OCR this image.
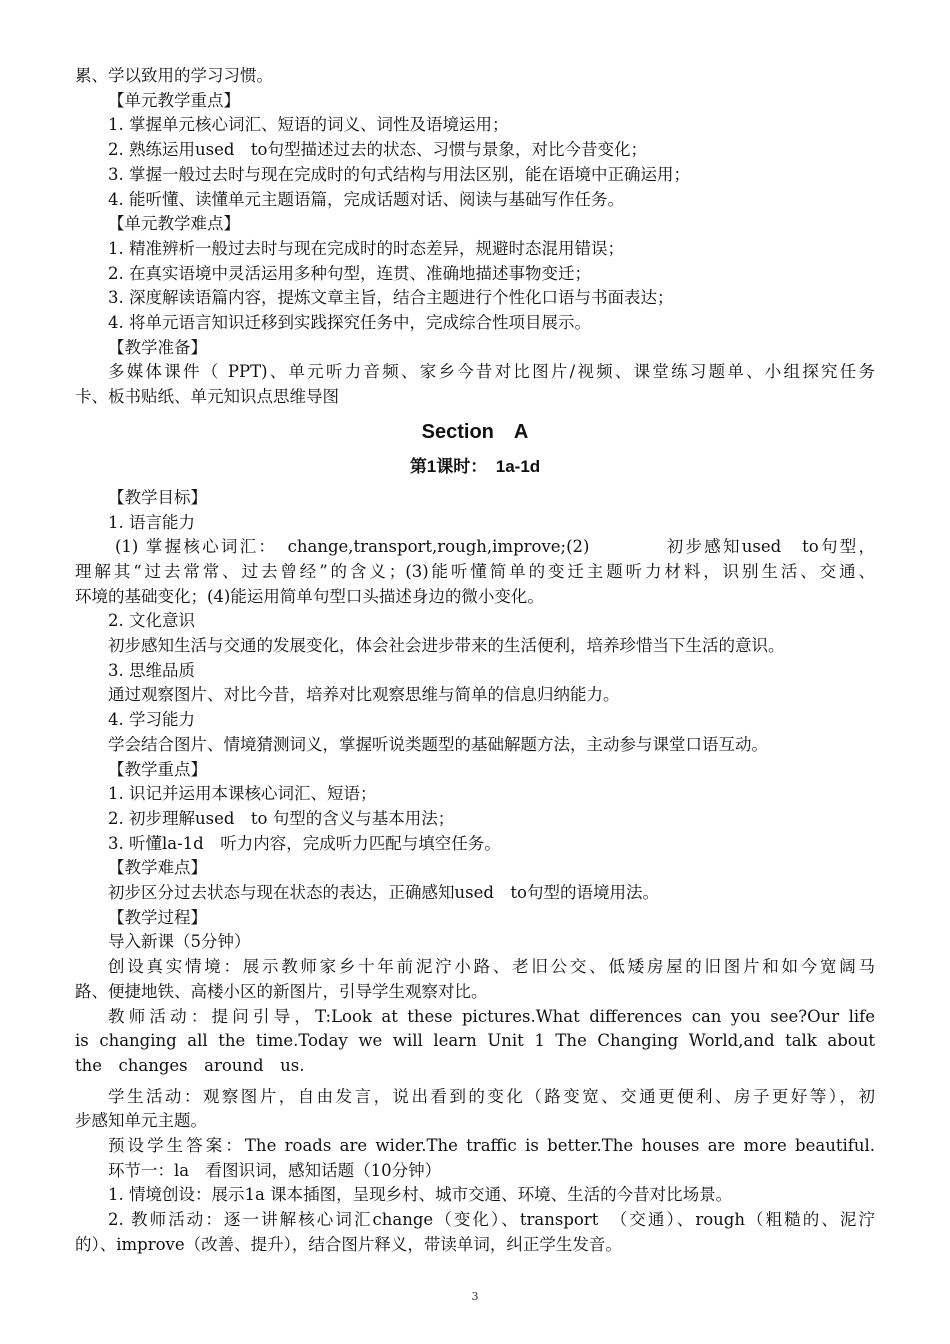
累、学以致用的学习习惯。
【单元教学重点】
1. 掌握单元核心词汇、短语的词义、词性及语境运用；
2. 熟练运用used　to句型描述过去的状态、习惯与景象，对比今昔变化；
3. 掌握一般过去时与现在完成时的句式结构与用法区别，能在语境中正确运用；
4. 能听懂、读懂单元主题语篇，完成话题对话、阅读与基础写作任务。
【单元教学难点】
1. 精准辨析一般过去时与现在完成时的时态差异，规避时态混用错误；
2. 在真实语境中灵活运用多种句型，连贯、准确地描述事物变迁；
3. 深度解读语篇内容，提炼文章主旨，结合主题进行个性化口语与书面表达；
4. 将单元语言知识迁移到实践探究任务中，完成综合性项目展示。
【教学准备】
多媒体课件（ PPT)、单元听力音频、家乡今昔对比图片/视频、课堂练习题单、小组探究任务
卡、板书贴纸、单元知识点思维导图
Section　A
第1课时：　1a-1d
【教学目标】
1. 语言能力
(1) 掌握核心词汇：　change,transport,rough,improve;(2)　　　　初步感知used　to句型，
理解其“过去常常、过去曾经”的含义；(3)能听懂简单的变迁主题听力材料，识别生活、交通、
环境的基础变化；(4)能运用简单句型口头描述身边的微小变化。
2. 文化意识
初步感知生活与交通的发展变化，体会社会进步带来的生活便利，培养珍惜当下生活的意识。
3. 思维品质
通过观察图片、对比今昔，培养对比观察思维与简单的信息归纳能力。
4. 学习能力
学会结合图片、情境猜测词义，掌握听说类题型的基础解题方法，主动参与课堂口语互动。
【教学重点】
1. 识记并运用本课核心词汇、短语；
2. 初步理解used　to 句型的含义与基本用法；
3. 听懂la-1d　听力内容，完成听力匹配与填空任务。
【教学难点】
初步区分过去状态与现在状态的表达，正确感知used　to句型的语境用法。
【教学过程】
导入新课（5分钟）
创设真实情境：展示教师家乡十年前泥泞小路、老旧公交、低矮房屋的旧图片和如今宽阔马
路、便捷地铁、高楼小区的新图片，引导学生观察对比。
教师活动：提问引导，T:Look at these pictures.What differences can you see?Our life
is changing all the time.Today we will learn Unit 1 The Changing World,and talk about
the　changes　around　us.
学生活动：观察图片，自由发言，说出看到的变化（路变宽、交通更便利、房子更好等），初
步感知单元主题。
预设学生答案：The roads are wider.The traffic is better.The houses are more beautiful.
环节一：la　看图识词，感知话题（10分钟）
1. 情境创设：展示1a 课本插图，呈现乡村、城市交通、环境、生活的今昔对比场景。
2. 教师活动：逐一讲解核心词汇change（变化）、transport　（交通）、rough（粗糙的、泥泞
的）、improve（改善、提升），结合图片释义，带读单词，纠正学生发音。
3
